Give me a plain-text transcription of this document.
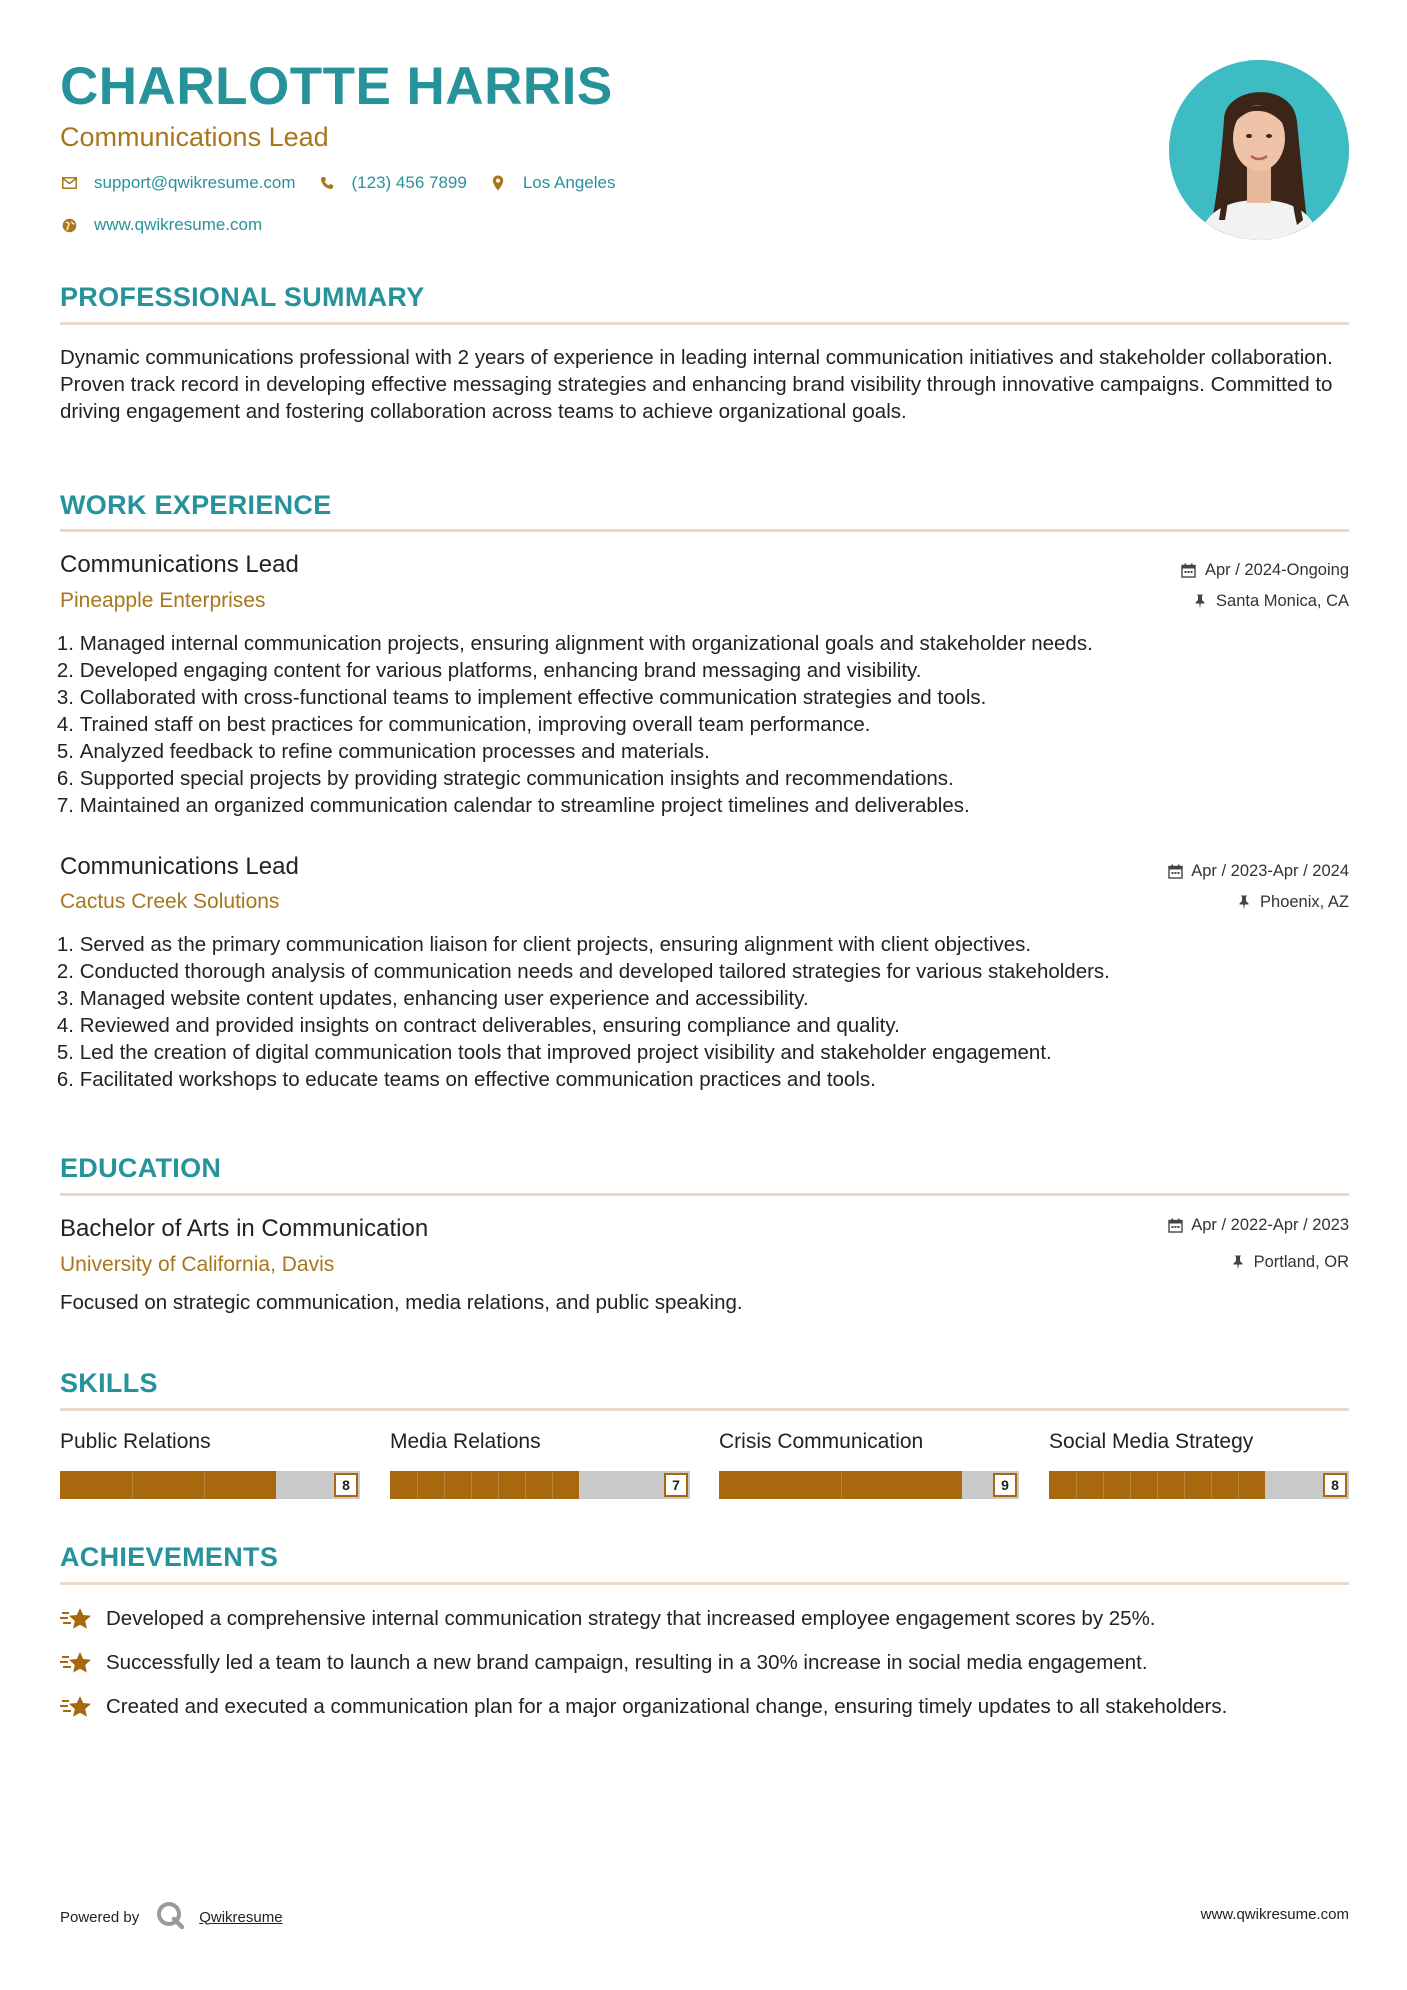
CHARLOTTE HARRIS
Communications Lead
support@qwikresume.com	(123) 456 7899	Los Angeles
www.qwikresume.com
PROFESSIONAL SUMMARY
Dynamic communications professional with 2 years of experience in leading internal communication initiatives and stakeholder collaboration. Proven track record in developing effective messaging strategies and enhancing brand visibility through innovative campaigns. Committed to driving engagement and fostering collaboration across teams to achieve organizational goals.
WORK EXPERIENCE
Communications Lead
Pineapple Enterprises
Apr / 2024-Ongoing
Santa Monica, CA
1.
Managed internal communication projects, ensuring alignment with organizational goals and stakeholder needs.
2.
Developed engaging content for various platforms, enhancing brand messaging and visibility.
3.
Collaborated with cross-functional teams to implement effective communication strategies and tools.
4.
Trained staff on best practices for communication, improving overall team performance.
5.
Analyzed feedback to refine communication processes and materials.
6.
Supported special projects by providing strategic communication insights and recommendations.
7.
Maintained an organized communication calendar to streamline project timelines and deliverables.
Communications Lead
Cactus Creek Solutions
Apr / 2023-Apr / 2024
Phoenix, AZ
1.
Served as the primary communication liaison for client projects, ensuring alignment with client objectives.
2.
Conducted thorough analysis of communication needs and developed tailored strategies for various stakeholders.
3.
Managed website content updates, enhancing user experience and accessibility.
4.
Reviewed and provided insights on contract deliverables, ensuring compliance and quality.
5.
Led the creation of digital communication tools that improved project visibility and stakeholder engagement.
6.
Facilitated workshops to educate teams on effective communication practices and tools.
EDUCATION
Bachelor of Arts in Communication
University of California, Davis
Apr / 2022-Apr / 2023
Portland, OR
Focused on strategic communication, media relations, and public speaking.
SKILLS
Public Relations
8
Media Relations
7
Crisis Communication
9
Social Media Strategy
8
ACHIEVEMENTS
Developed a comprehensive internal communication strategy that increased employee engagement scores by 25%.
Successfully led a team to launch a new brand campaign, resulting in a 30% increase in social media engagement.
Created and executed a communication plan for a major organizational change, ensuring timely updates to all stakeholders.
Powered by	Qwikresume	www.qwikresume.com
